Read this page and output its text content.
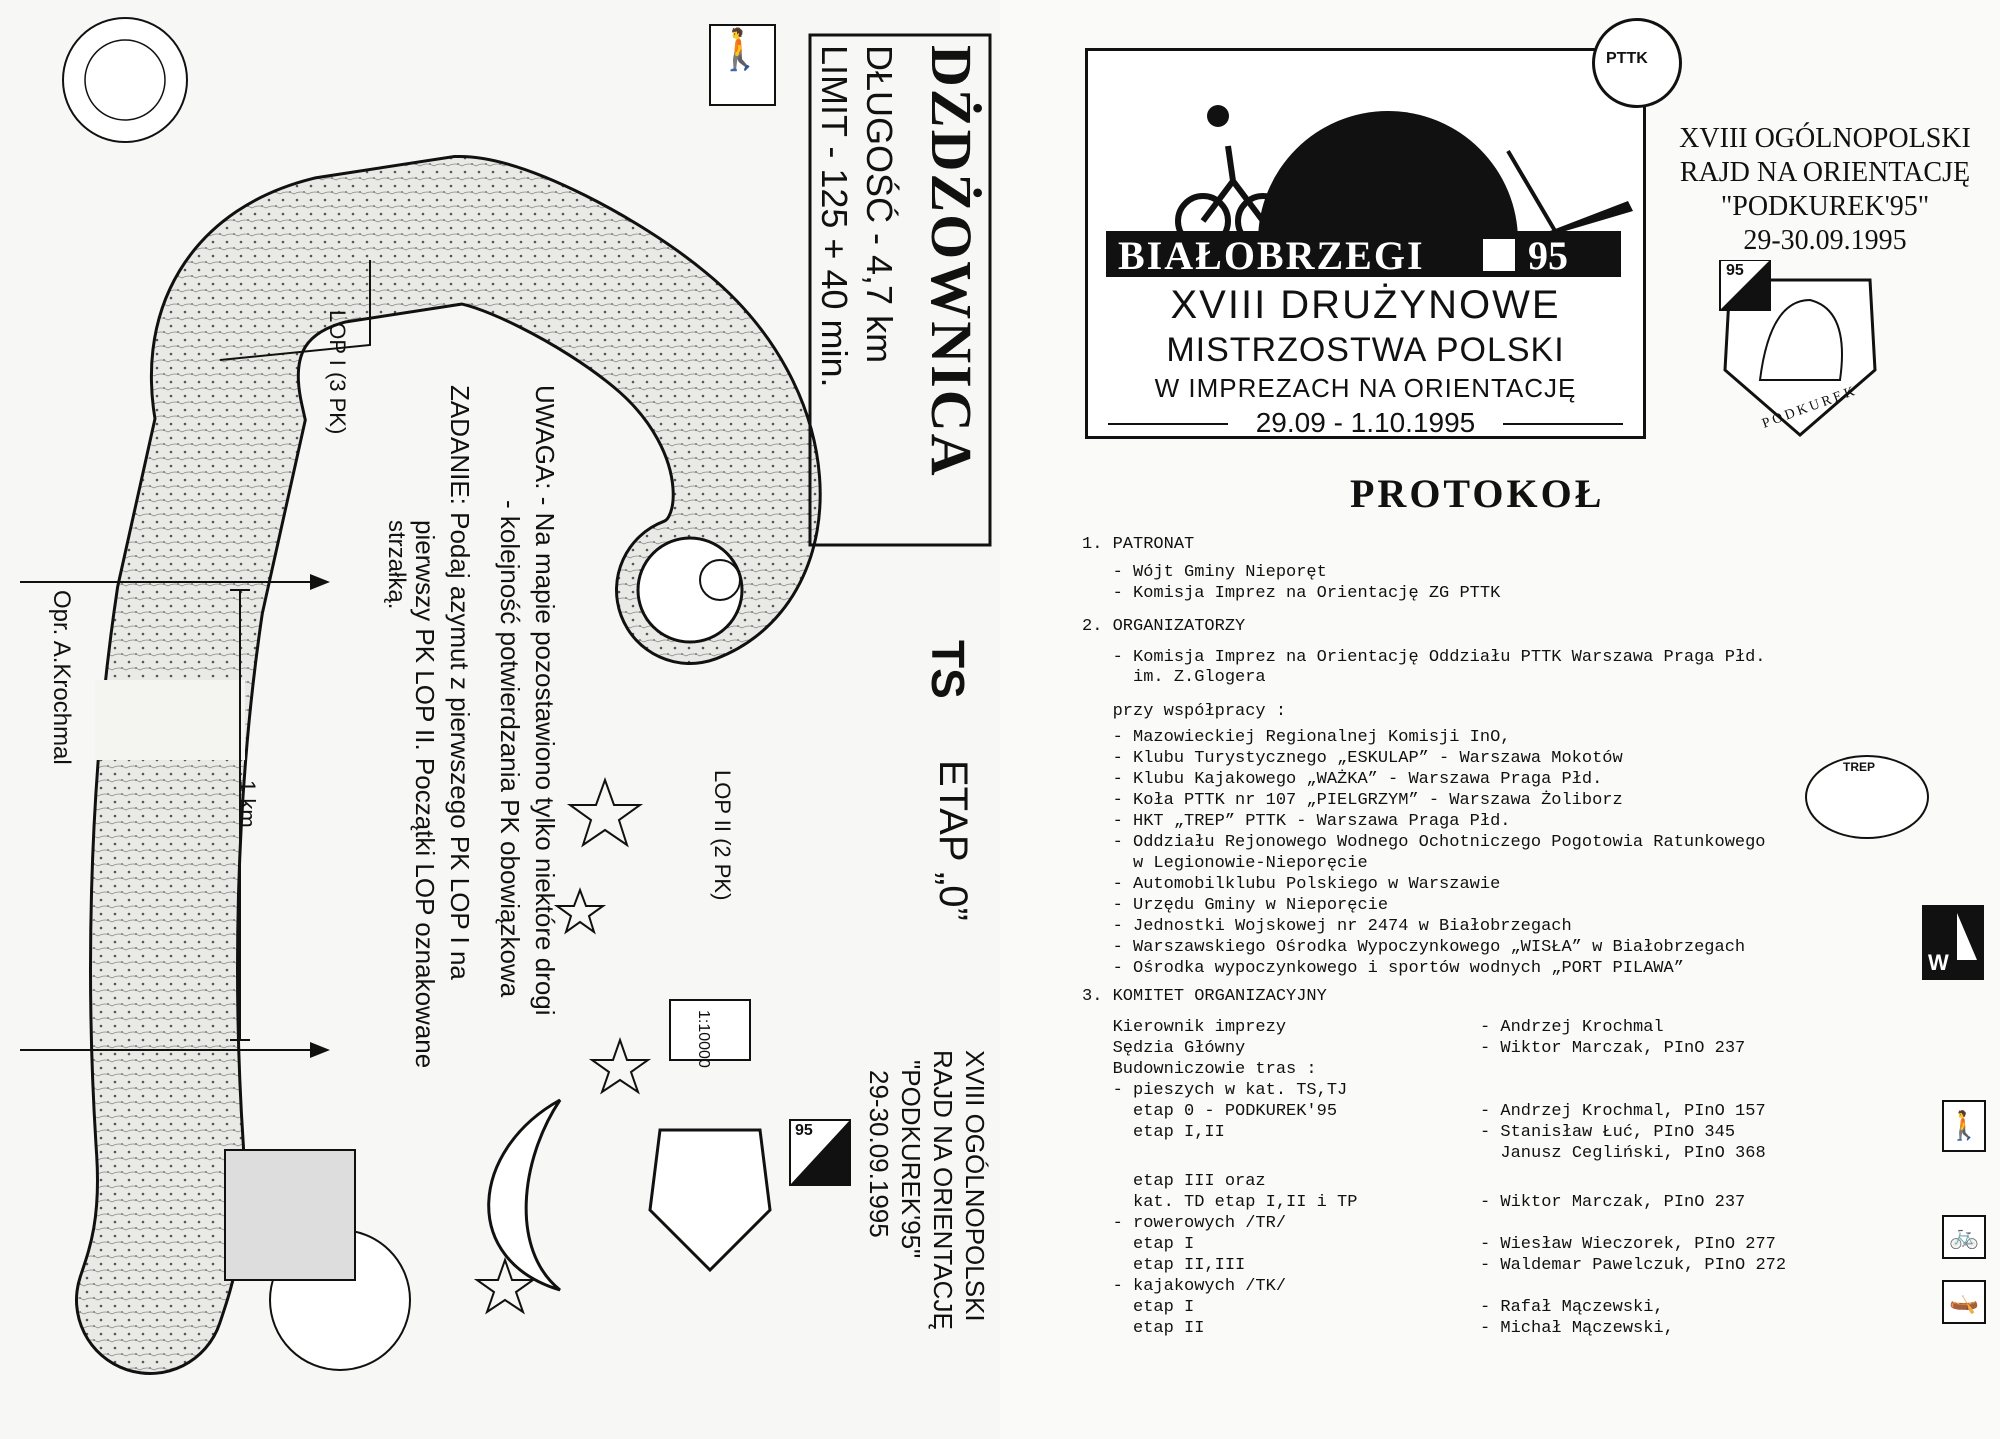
🚶	DŻDŻOWNICA
DŁUGOŚĆ - 4,7 km
LIMIT - 125 + 40 min.
TS
ETAP „0”
LOP I (3 PK)
LOP II (2 PK)
UWAGA: - Na mapie pozostawiono tylko niektóre drogi
- kolejność potwierdzania PK obowiązkowa
ZADANIE: Podaj azymut z pierwszego PK LOP I na
pierwszy PK LOP II. Początki LOP oznakowane
strzałką.
1 km
1:10000
Opr. A.Krochmal
XVIII OGÓLNOPOLSKI
RAJD NA ORIENTACJĘ
"PODKUREK'95"
29-30.09.1995
95
BIAŁOBRZEGI	95
XVIII DRUŻYNOWE
MISTRZOSTWA POLSKI
W IMPREZACH NA ORIENTACJĘ
29.09 - 1.10.1995
PTTK
XVIII OGÓLNOPOLSKI
RAJD NA ORIENTACJĘ
"PODKUREK'95"
29-30.09.1995
95
PODKUREK
PROTOKOŁ
1. PATRONAT
- Wójt Gminy Nieporęt
- Komisja Imprez na Orientację ZG PTTK
2. ORGANIZATORZY
- Komisja Imprez na Orientację Oddziału PTTK Warszawa Praga Płd.
im. Z.Glogera
przy współpracy :
- Mazowieckiej Regionalnej Komisji InO,
- Klubu Turystycznego „ESKULAP” - Warszawa Mokotów
- Klubu Kajakowego „WAŻKA” - Warszawa Praga Płd.
- Koła PTTK nr 107 „PIELGRZYM” - Warszawa Żoliborz
- HKT „TREP” PTTK - Warszawa Praga Płd.
- Oddziału Rejonowego Wodnego Ochotniczego Pogotowia Ratunkowego
w Legionowie-Nieporęcie
- Automobilklubu Polskiego w Warszawie
- Urzędu Gminy w Nieporęcie
- Jednostki Wojskowej nr 2474 w Białobrzegach
- Warszawskiego Ośrodka Wypoczynkowego „WISŁA” w Białobrzegach
- Ośrodka wypoczynkowego i sportów wodnych „PORT PILAWA”
3. KOMITET ORGANIZACYJNY
Kierownik imprezy	- Andrzej Krochmal
Sędzia Główny	- Wiktor Marczak, PInO 237
Budowniczowie tras :
- pieszych w kat. TS,TJ
etap 0 - PODKUREK'95	- Andrzej Krochmal, PInO 157
etap I,II	- Stanisław Łuć, PInO 345
Janusz Cegliński, PInO 368
etap III oraz
kat. TD etap I,II i TP	- Wiktor Marczak, PInO 237
- rowerowych /TR/
etap I	- Wiesław Wieczorek, PInO 277
etap II,III	- Waldemar Pawelczuk, PInO 272
- kajakowych /TK/
etap I	- Rafał Mączewski,
etap II	- Michał Mączewski,
TREP
W
🚶
🚲
🛶
